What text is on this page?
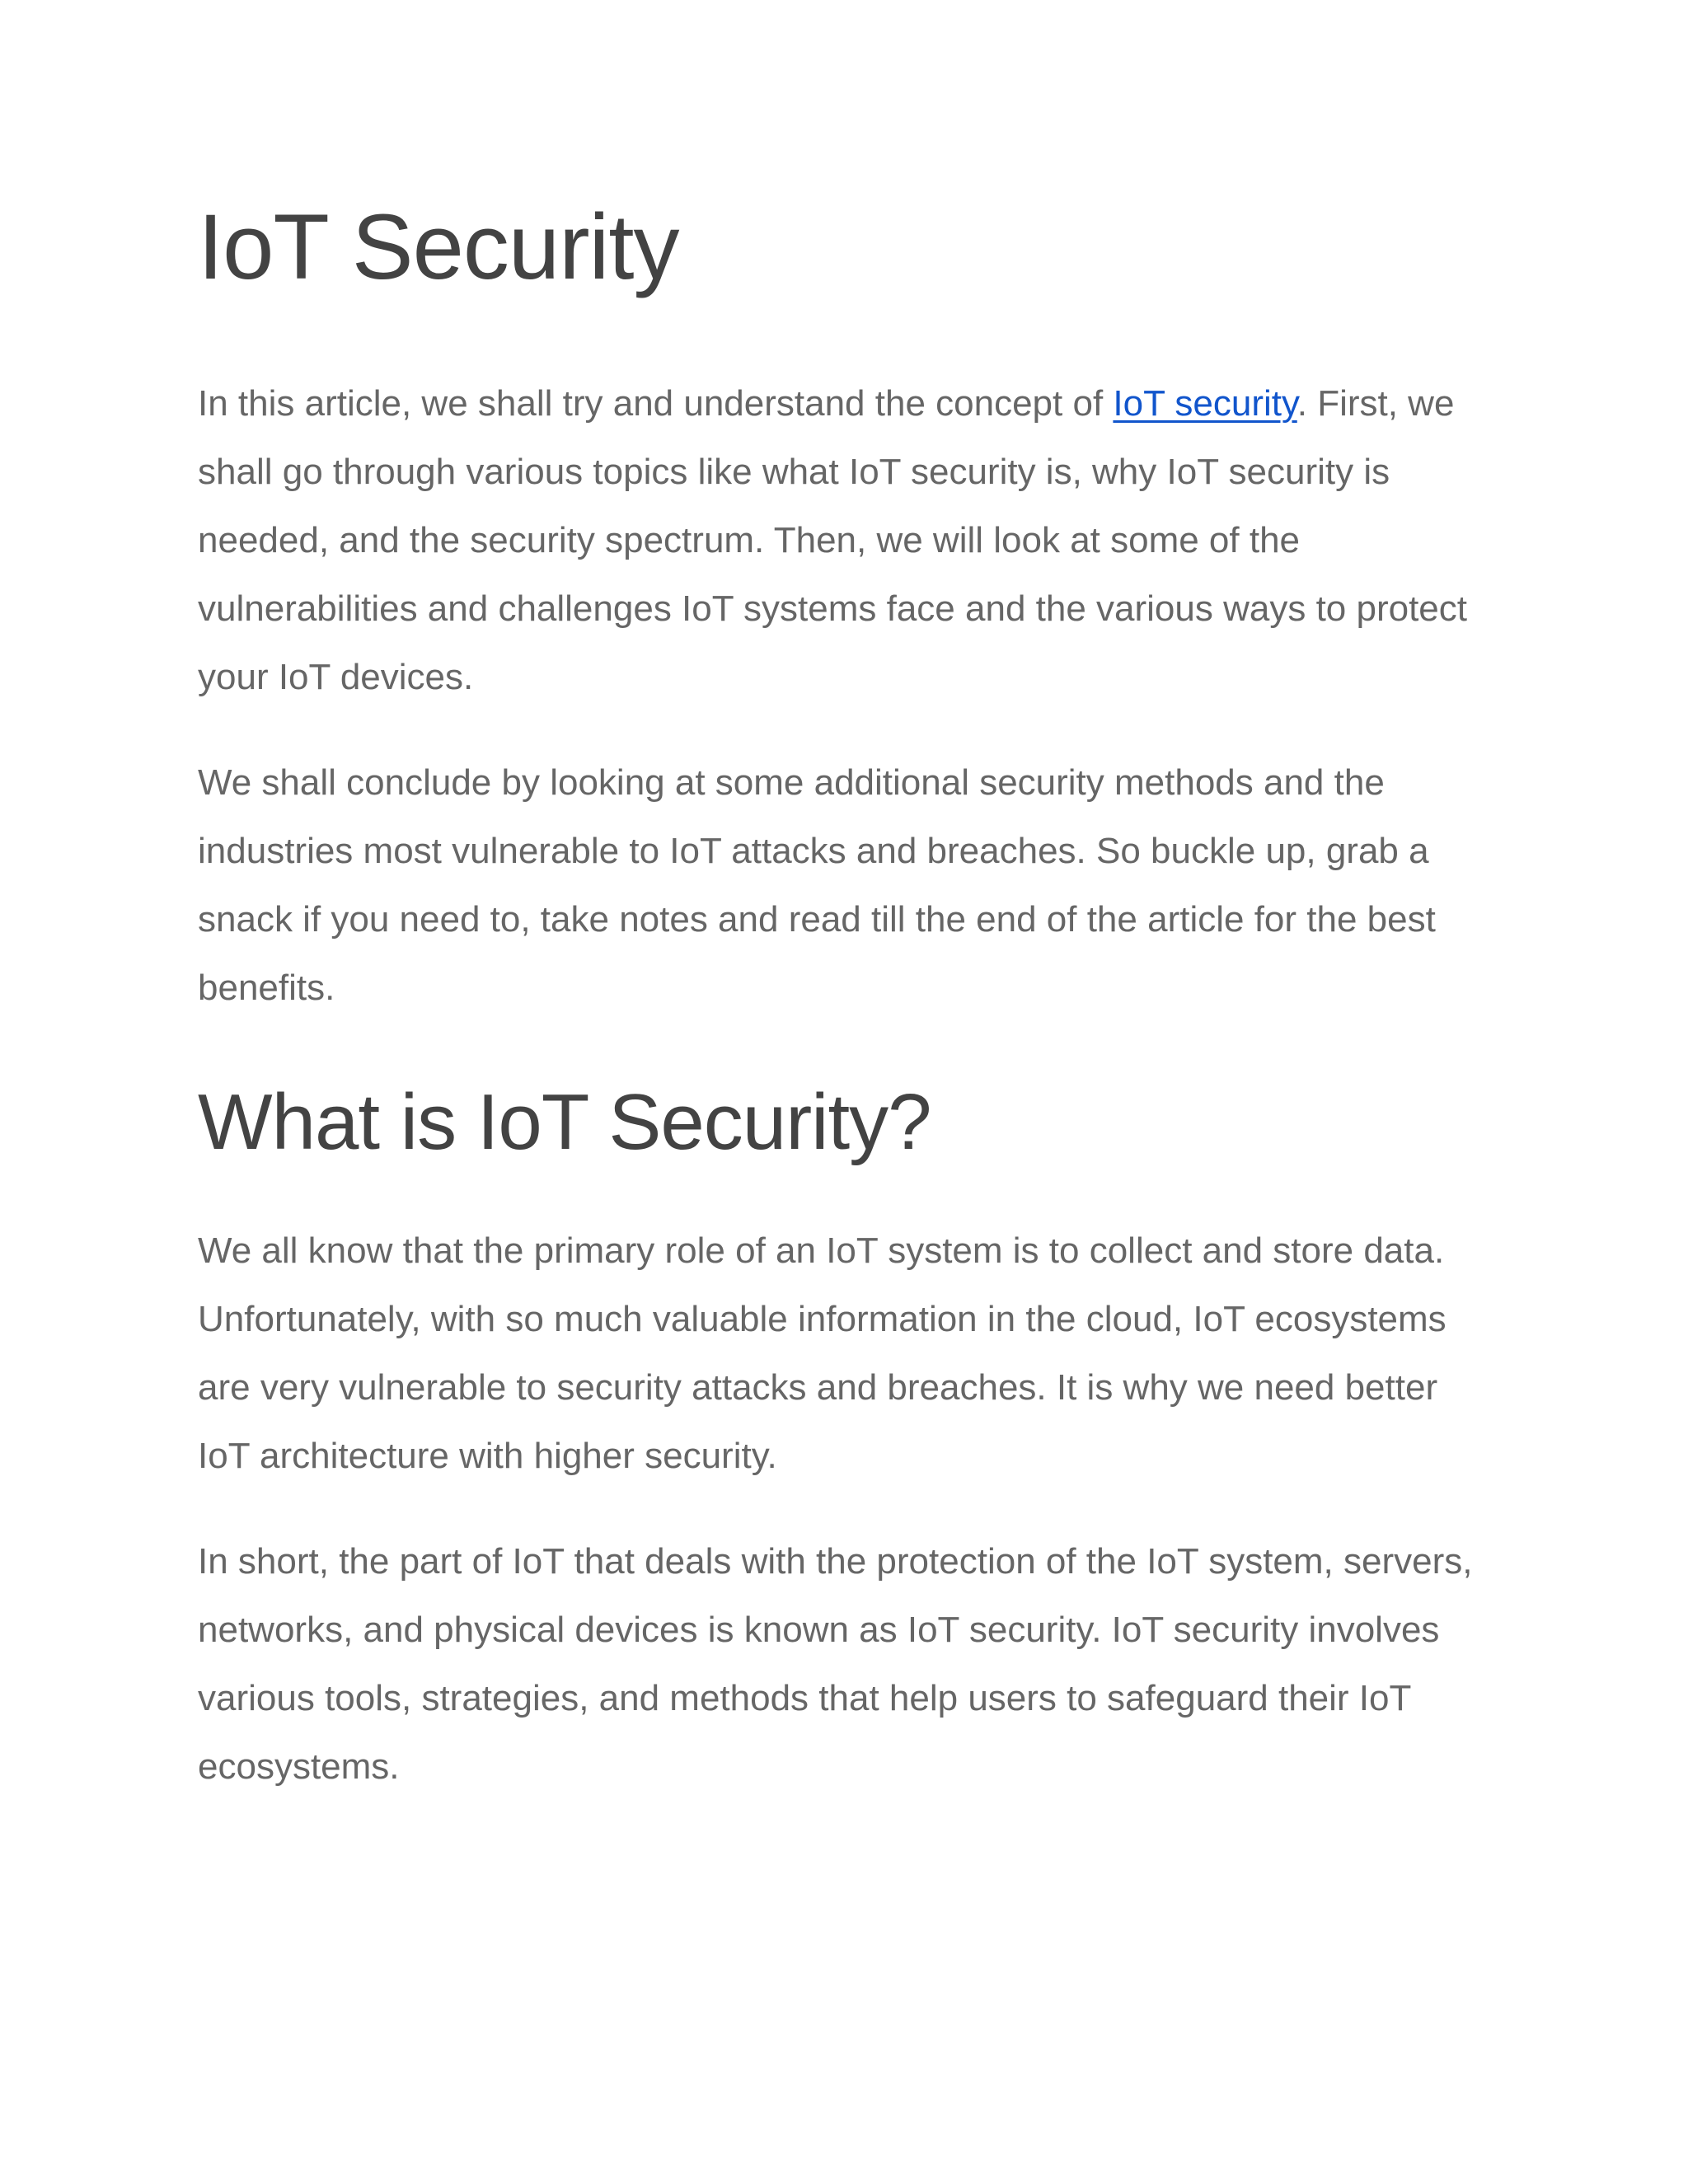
IoT Security

In this article, we shall try and understand the concept of IoT security. First, we shall go through various topics like what IoT security is, why IoT security is needed, and the security spectrum. Then, we will look at some of the vulnerabilities and challenges IoT systems face and the various ways to protect your IoT devices.

We shall conclude by looking at some additional security methods and the industries most vulnerable to IoT attacks and breaches. So buckle up, grab a snack if you need to, take notes and read till the end of the article for the best benefits.

What is IoT Security?

We all know that the primary role of an IoT system is to collect and store data. Unfortunately, with so much valuable information in the cloud, IoT ecosystems are very vulnerable to security attacks and breaches. It is why we need better IoT architecture with higher security.

In short, the part of IoT that deals with the protection of the IoT system, servers, networks, and physical devices is known as IoT security. IoT security involves various tools, strategies, and methods that help users to safeguard their IoT ecosystems.
